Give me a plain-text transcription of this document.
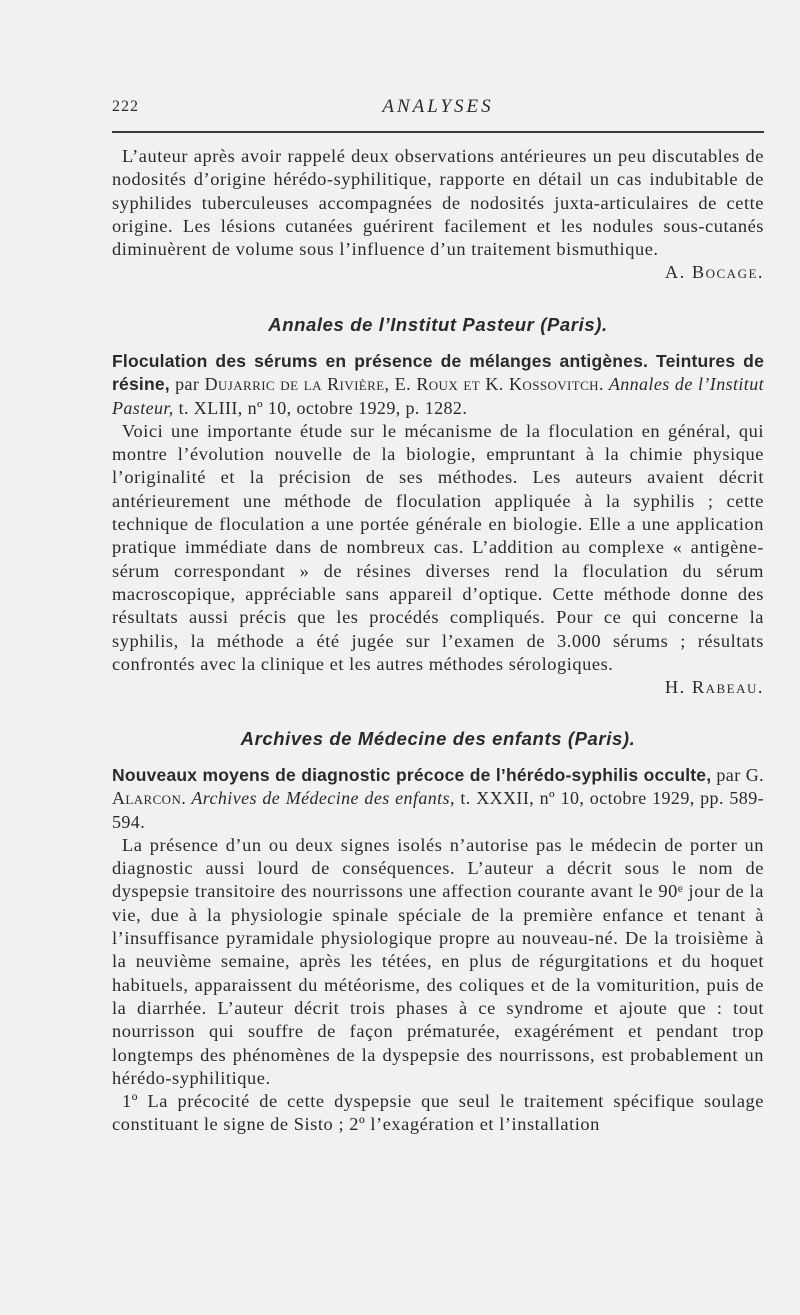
222	ANALYSES

L’auteur après avoir rappelé deux observations antérieures un peu discutables de nodosités d’origine hérédo-syphilitique, rapporte en détail un cas indubitable de syphilides tuberculeuses accompagnées de nodosités juxta-articulaires de cette origine. Les lésions cutanées guérirent facilement et les nodules sous-cutanés diminuèrent de volume sous l’influence d’un traitement bismuthique.
A. Bocage.

Annales de l’Institut Pasteur (Paris).

Floculation des sérums en présence de mélanges antigènes. Teintures de résine, par Dujarric de la Rivière, E. Roux et K. Kossovitch. Annales de l’Institut Pasteur, t. XLIII, nº 10, octobre 1929, p. 1282.

Voici une importante étude sur le mécanisme de la floculation en général, qui montre l’évolution nouvelle de la biologie, empruntant à la chimie physique l’originalité et la précision de ses méthodes. Les auteurs avaient décrit antérieurement une méthode de floculation appliquée à la syphilis ; cette technique de floculation a une portée générale en biologie. Elle a une application pratique immédiate dans de nombreux cas. L’addition au complexe « antigène-sérum correspondant » de résines diverses rend la floculation du sérum macroscopique, appréciable sans appareil d’optique. Cette méthode donne des résultats aussi précis que les procédés compliqués. Pour ce qui concerne la syphilis, la méthode a été jugée sur l’examen de 3.000 sérums ; résultats confrontés avec la clinique et les autres méthodes sérologiques.

H. Rabeau.
Archives de Médecine des enfants (Paris).

Nouveaux moyens de diagnostic précoce de l’hérédo-syphilis occulte, par G. Alarcon. Archives de Médecine des enfants, t. XXXII, nº 10, octobre 1929, pp. 589-594.

La présence d’un ou deux signes isolés n’autorise pas le médecin de porter un diagnostic aussi lourd de conséquences. L’auteur a décrit sous le nom de dyspepsie transitoire des nourrissons une affection courante avant le 90ᵉ jour de la vie, due à la physiologie spinale spéciale de la première enfance et tenant à l’insuffisance pyramidale physiologique propre au nouveau-né. De la troisième à la neuvième semaine, après les tétées, en plus de régurgitations et du hoquet habituels, apparaissent du météorisme, des coliques et de la vomiturition, puis de la diarrhée. L’auteur décrit trois phases à ce syndrome et ajoute que : tout nourrisson qui souffre de façon prématurée, exagérément et pendant trop longtemps des phénomènes de la dyspepsie des nourrissons, est probablement un hérédo-syphilitique.

1º La précocité de cette dyspepsie que seul le traitement spécifique soulage constituant le signe de Sisto ; 2º l’exagération et l’installation
